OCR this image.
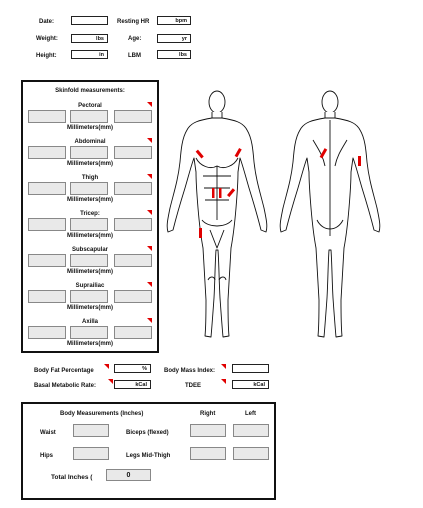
Date:
Weight:	lbs
Height:	in
Resting HR	bpm
Age:	yr
LBM	lbs
Skinfold measurements:
Pectoral
Millimeters(mm)
Abdominal
Millimeters(mm)
Thigh
Millimeters(mm)
Tricep:
Millimeters(mm)
Subscapular
Millimeters(mm)
Suprailiac
Millimeters(mm)
Axilla
Millimeters(mm)
Body Fat Percentage	%	Body Mass Index:
Basal Metabolic Rate:	kCal	TDEE	kCal
Body Measurements (Inches)	Right	Left
Waist	Biceps (flexed)
Hips	Legs Mid-Thigh
Total Inches (	0
